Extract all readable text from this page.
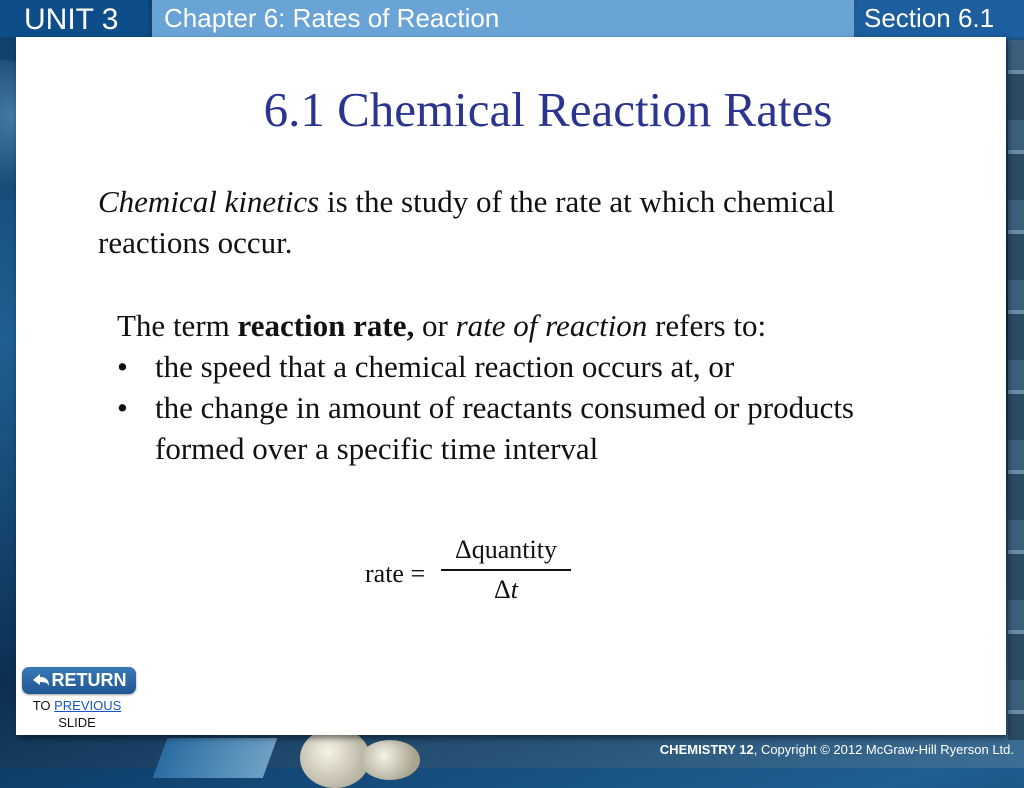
UNIT 3	Chapter 6: Rates of Reaction	Section 6.1
6.1 Chemical Reaction Rates
Chemical kinetics is the study of the rate at which chemical reactions occur.
The term reaction rate, or rate of reaction refers to:
• the speed that a chemical reaction occurs at, or
• the change in amount of reactants consumed or products formed over a specific time interval
rate =
Δquantity
Δt
RETURN
TO PREVIOUS
SLIDE
CHEMISTRY 12, Copyright © 2012 McGraw-Hill Ryerson Ltd.
